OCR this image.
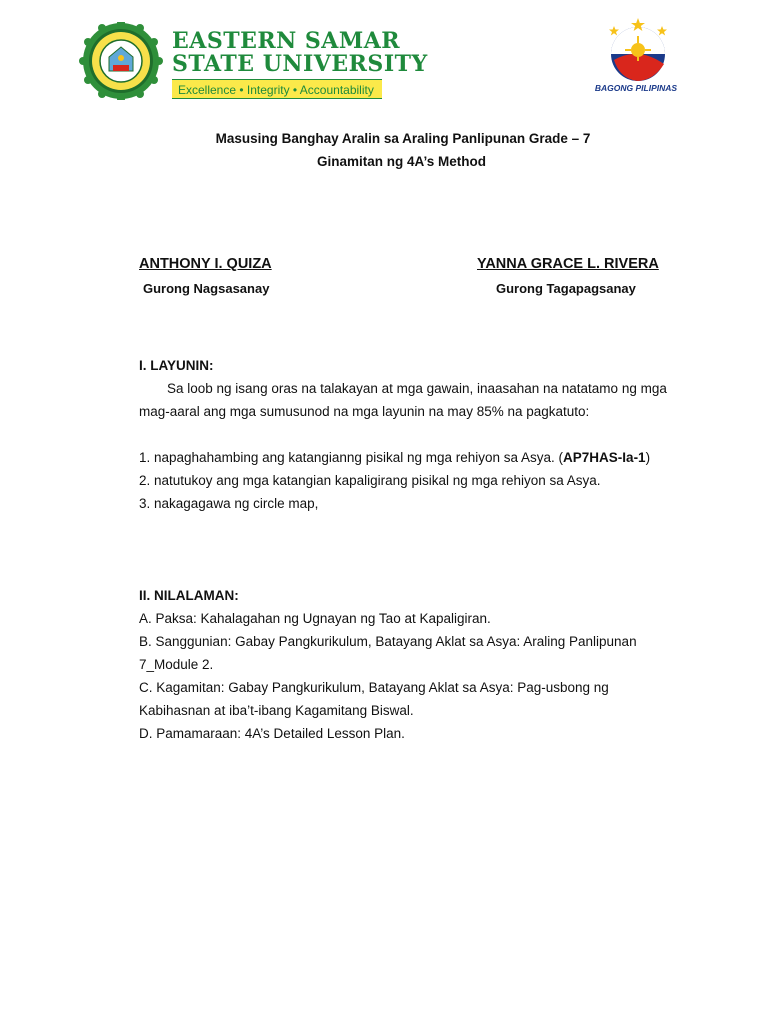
EASTERN SAMAR
STATE UNIVERSITY
Excellence • Integrity • Accountability	BAGONG PILIPINAS
Masusing Banghay Aralin sa Araling Panlipunan Grade – 7
Ginamitan ng 4A’s Method
ANTHONY I. QUIZA
Gurong Nagsasanay
YANNA GRACE L. RIVERA
Gurong Tagapagsanay

I. LAYUNIN:

Sa loob ng isang oras na talakayan at mga gawain, inaasahan na natatamo ng mga mag-aaral ang mga sumusunod na mga layunin na may 85% na pagkatuto:

1. napaghahambing ang katangianng pisikal ng mga rehiyon sa Asya. (AP7HAS-Ia-1)

2. natutukoy ang mga katangian kapaligirang pisikal ng mga rehiyon sa Asya.

3. nakagagawa ng circle map,

II. NILALAMAN:

A. Paksa: Kahalagahan ng Ugnayan ng Tao at Kapaligiran.

B. Sanggunian: Gabay Pangkurikulum, Batayang Aklat sa Asya: Araling Panlipunan 7_Module 2.

C. Kagamitan: Gabay Pangkurikulum, Batayang Aklat sa Asya: Pag-usbong ng Kabihasnan at iba’t-ibang Kagamitang Biswal.

D. Pamamaraan: 4A’s Detailed Lesson Plan.
